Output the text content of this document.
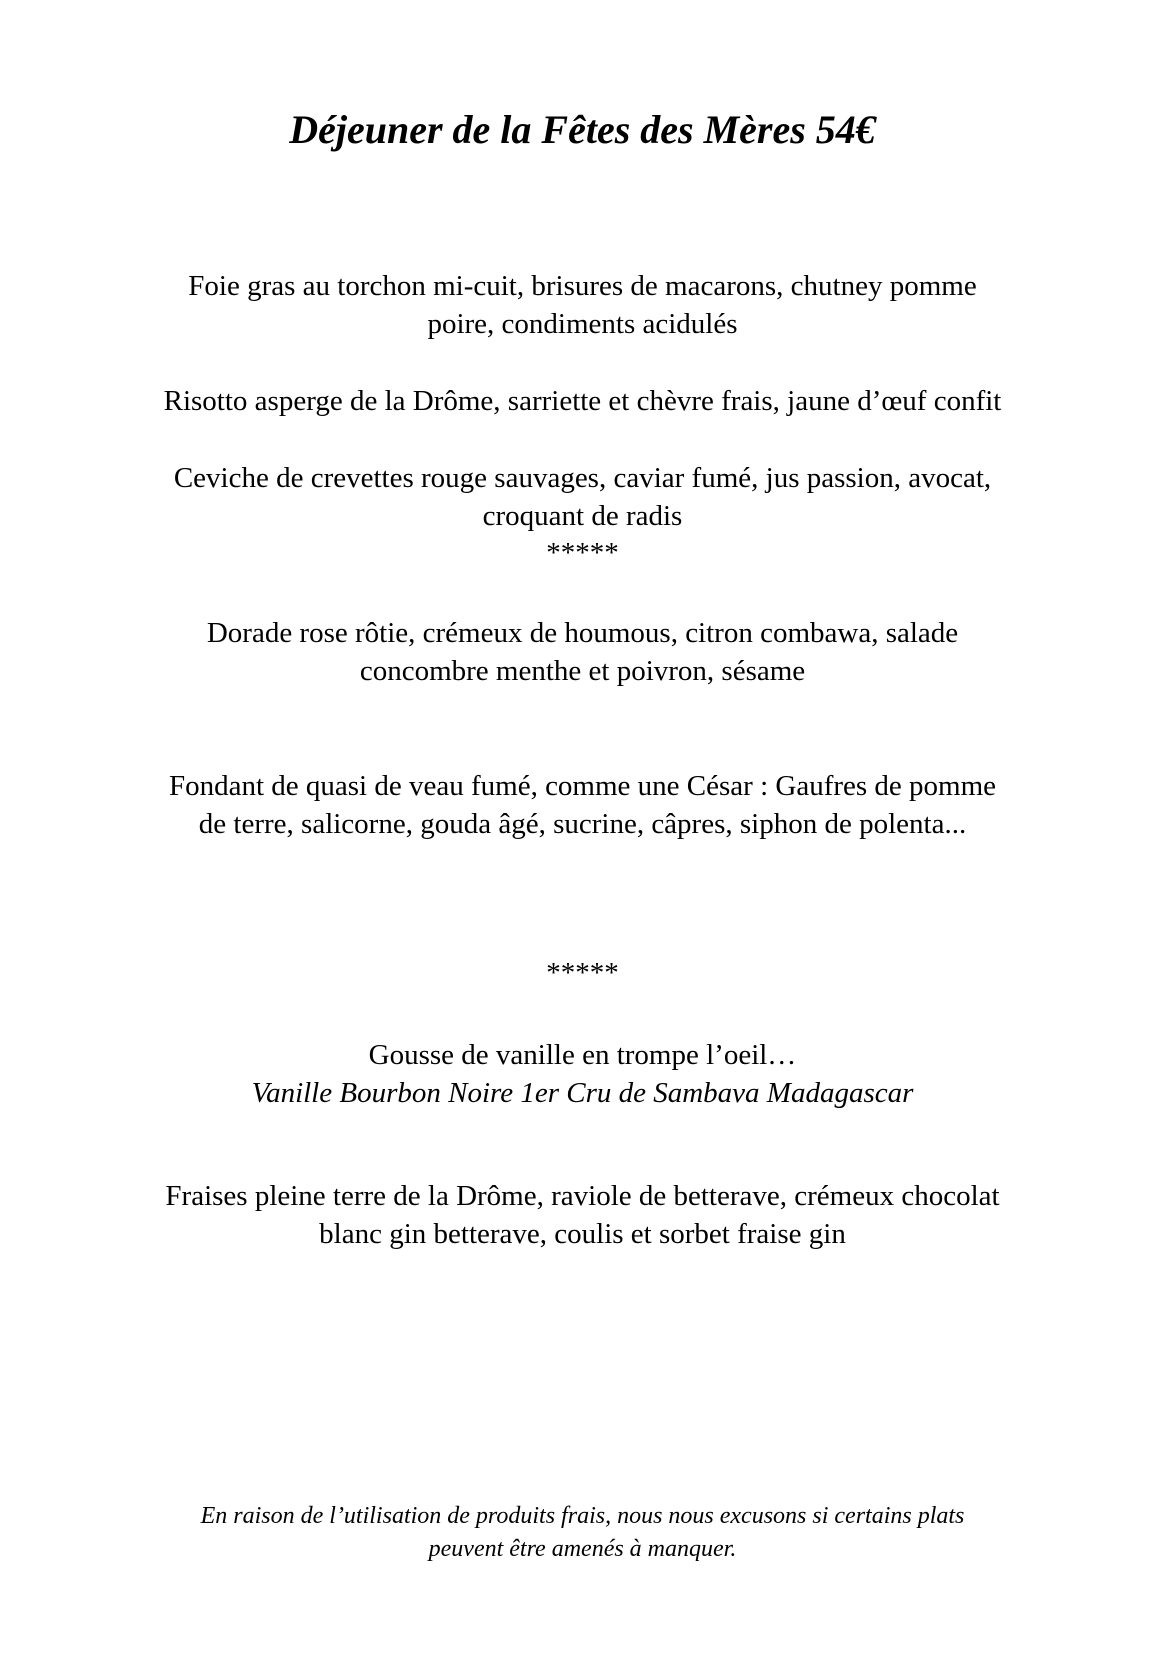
Déjeuner de la Fêtes des Mères 54€

Foie gras au torchon mi-cuit, brisures de macarons, chutney pomme
poire, condiments acidulés

Risotto asperge de la Drôme, sarriette et chèvre frais, jaune d’œuf confit

Ceviche de crevettes rouge sauvages, caviar fumé, jus passion, avocat,
croquant de radis

*****

Dorade rose rôtie, crémeux de houmous, citron combawa, salade
concombre menthe et poivron, sésame

Fondant de quasi de veau fumé, comme une César : Gaufres de pomme
de terre, salicorne, gouda âgé, sucrine, câpres, siphon de polenta...

*****

Gousse de vanille en trompe l’oeil…
Vanille Bourbon Noire 1er Cru de Sambava Madagascar

Fraises pleine terre de la Drôme, raviole de betterave, crémeux chocolat
blanc gin betterave, coulis et sorbet fraise gin

En raison de l’utilisation de produits frais, nous nous excusons si certains plats
peuvent être amenés à manquer.
